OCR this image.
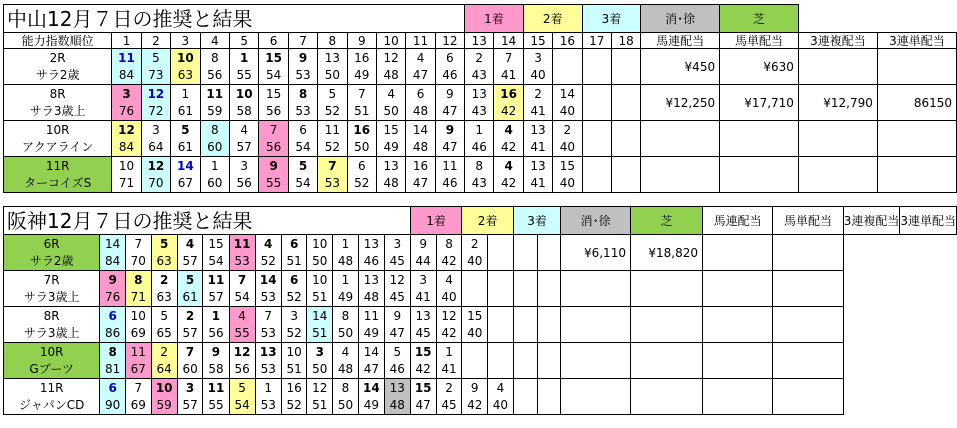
中山12月７日の推奨と結果													1着		2着		3着		消･徐	芝		
能力指数順位	1	2	3	4	5	6	7	8	9	10	11	12	13	14	15	16	17	18	馬連配当	馬単配当	3連複配当	3連単配当
2R	11	5	10	8	1	15	9	13	16	12	4	6	2	7	3				¥450	¥630		
サラ2歳	84	73	63	56	55	54	53	50	49	48	47	46	43	41	40							
8R	3	12	1	11	10	15	8	5	7	4	6	9	13	16	2	14			¥12,250	¥17,710	¥12,790	86150
サラ3歳上	76	72	61	59	58	56	53	52	51	50	48	47	43	42	41	40						
10R	12	3	5	8	4	7	6	11	16	15	14	9	1	4	13	2						
アクアライン	84	64	61	60	57	56	54	52	50	49	48	47	46	42	41	40						
11R	10	12	14	1	3	9	5	7	6	13	16	11	8	4	13	15						
ターコイズS	71	70	67	60	56	55	54	53	52	48	47	46	43	42	41	40						
阪神12月７日の推奨と結果													1着		2着		3着		消･徐	芝	馬連配当	馬単配当	3連複配当	3連単配当
6R	14	7	5	4	15	11	4	6	10	1	13	3	9	8	2				¥6,110	¥18,820				
サラ2歳	84	70	63	57	54	53	52	51	50	48	46	45	44	42	40									
7R	9	8	2	5	11	7	14	6	10	1	13	12	3	4										
サラ3歳上	76	71	63	61	57	54	53	52	51	49	48	45	41	40										
8R	6	10	5	2	1	4	7	3	14	8	11	9	13	12	15									
サラ3歳上	86	69	65	57	56	55	53	52	51	50	49	47	45	42	40									
10R	8	11	2	7	9	12	13	10	3	4	14	5	15	1										
Gブーツ	81	67	64	60	58	56	53	51	50	48	47	46	42	41										
11R	6	7	10	3	11	5	1	16	12	8	14	13	15	2	9	4								
ジャパンCD	90	69	59	57	55	54	53	52	51	50	49	48	47	45	42	40								
